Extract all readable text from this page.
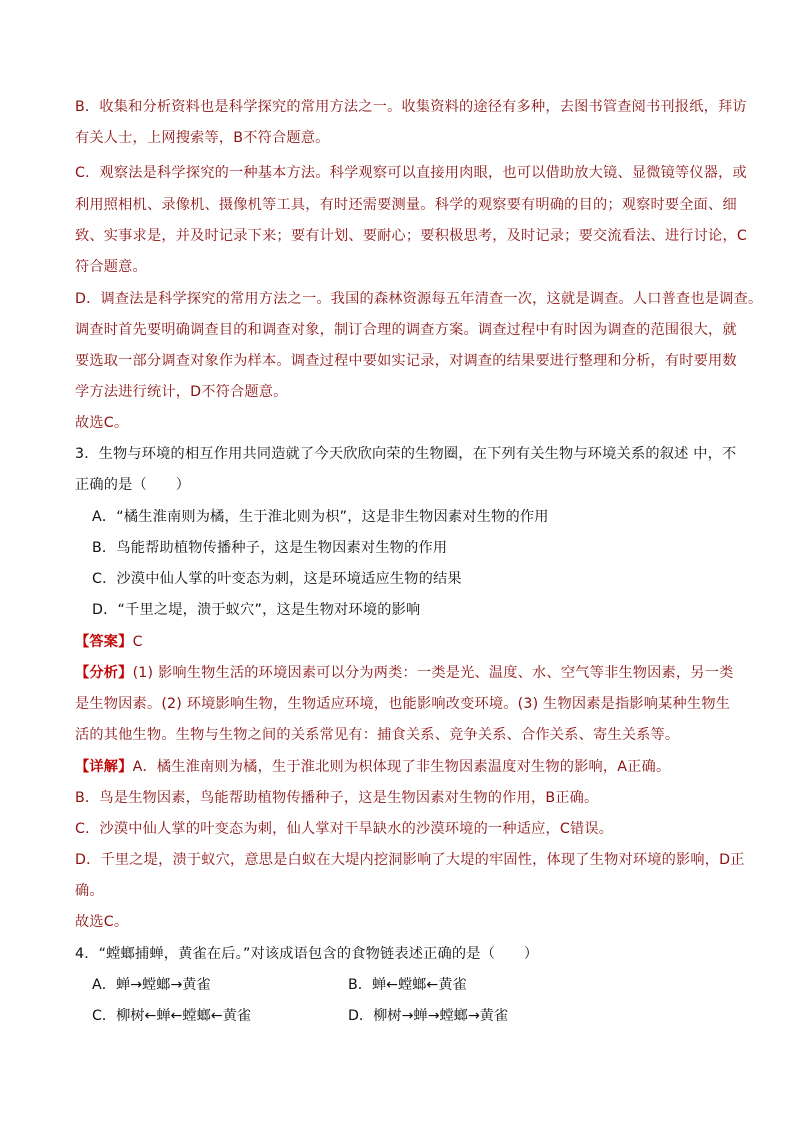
B．收集和分析资料也是科学探究的常用方法之一。收集资料的途径有多种，去图书管查阅书刊报纸，拜访
有关人士，上网搜索等，B不符合题意。
C．观察法是科学探究的一种基本方法。科学观察可以直接用肉眼，也可以借助放大镜、显微镜等仪器，或
利用照相机、录像机、摄像机等工具，有时还需要测量。科学的观察要有明确的目的；观察时要全面、细
致、实事求是，并及时记录下来；要有计划、要耐心；要积极思考，及时记录；要交流看法、进行讨论，C
符合题意。
D．调查法是科学探究的常用方法之一。我国的森林资源每五年清查一次，这就是调查。人口普查也是调查。
调查时首先要明确调查目的和调查对象，制订合理的调查方案。调查过程中有时因为调查的范围很大，就
要选取一部分调查对象作为样本。调查过程中要如实记录，对调查的结果要进行整理和分析，有时要用数
学方法进行统计，D不符合题意。
故选C。
3．生物与环境的相互作用共同造就了今天欣欣向荣的生物圈，在下列有关生物与环境关系的叙述 中，不
正确的是（　　）
A．“橘生淮南则为橘，生于淮北则为枳”，这是非生物因素对生物的作用
B．鸟能帮助植物传播种子，这是生物因素对生物的作用
C．沙漠中仙人掌的叶变态为刺，这是环境适应生物的结果
D．“千里之堤，溃于蚁穴”，这是生物对环境的影响
【答案】C
【分析】(1) 影响生物生活的环境因素可以分为两类：一类是光、温度、水、空气等非生物因素，另一类
是生物因素。(2) 环境影响生物，生物适应环境，也能影响改变环境。(3) 生物因素是指影响某种生物生
活的其他生物。生物与生物之间的关系常见有：捕食关系、竞争关系、合作关系、寄生关系等。
【详解】A．橘生淮南则为橘，生于淮北则为枳体现了非生物因素温度对生物的影响，A正确。
B．鸟是生物因素，鸟能帮助植物传播种子，这是生物因素对生物的作用，B正确。
C．沙漠中仙人掌的叶变态为刺，仙人掌对干旱缺水的沙漠环境的一种适应，C错误。
D．千里之堤，溃于蚁穴，意思是白蚁在大堤内挖洞影响了大堤的牢固性，体现了生物对环境的影响，D正
确。
故选C。
4．“螳螂捕蝉，黄雀在后。”对该成语包含的食物链表述正确的是（　　）
A．蝉→螳螂→黄雀	B．蝉←螳螂←黄雀
C．柳树←蝉←螳螂←黄雀	D．柳树→蝉→螳螂→黄雀
